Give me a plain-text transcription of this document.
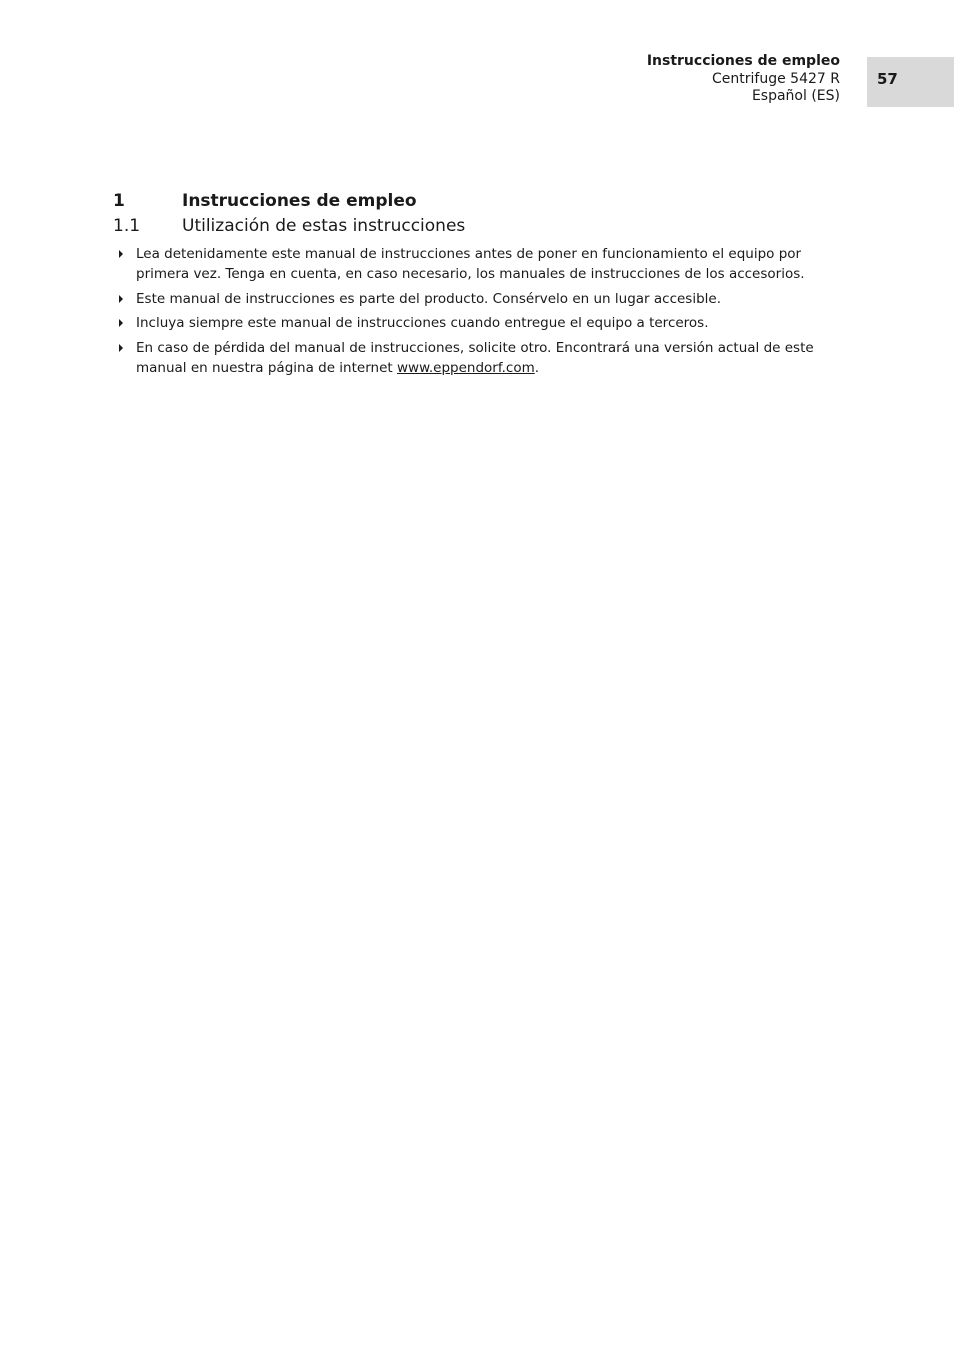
Instrucciones de empleo
Centrifuge 5427 R
Español (ES)
57
1	Instrucciones de empleo
1.1 Utilización de estas instrucciones
Lea detenidamente este manual de instrucciones antes de poner en funcionamiento el equipo por primera vez. Tenga en cuenta, en caso necesario, los manuales de instrucciones de los accesorios.
Este manual de instrucciones es parte del producto. Consérvelo en un lugar accesible.
Incluya siempre este manual de instrucciones cuando entregue el equipo a terceros.
En caso de pérdida del manual de instrucciones, solicite otro. Encontrará una versión actual de este manual en nuestra página de internet www.eppendorf.com.
